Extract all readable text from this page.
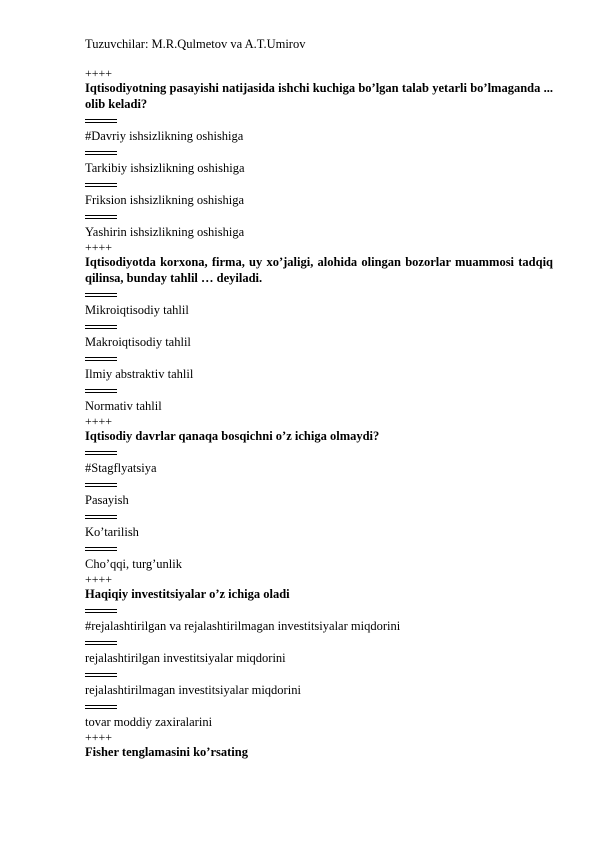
Tuzuvchilar: M.R.Qulmetov va A.T.Umirov
++++
Iqtisodiyotning pasayishi natijasida ishchi kuchiga bo’lgan talab yetarli bo’lmaganda ... olib keladi?
#Davriy ishsizlikning oshishiga
Tarkibiy ishsizlikning oshishiga
Friksion ishsizlikning oshishiga
Yashirin ishsizlikning oshishiga
++++
Iqtisodiyotda korxona, firma, uy xo’jaligi, alohida olingan bozorlar muammosi tadqiq qilinsa, bunday tahlil … deyiladi.
Mikroiqtisodiy tahlil
Makroiqtisodiy tahlil
Ilmiy abstraktiv tahlil
Normativ tahlil
++++
Iqtisodiy davrlar qanaqa bosqichni o’z ichiga olmaydi?
#Stagflyatsiya
Pasayish
Ko’tarilish
Cho’qqi, turg’unlik
++++
Haqiqiy investitsiyalar o’z ichiga oladi
#rejalashtirilgan va rejalashtirilmagan investitsiyalar miqdorini
rejalashtirilgan investitsiyalar miqdorini
rejalashtirilmagan investitsiyalar miqdorini
tovar moddiy zaxiralarini
++++
Fisher tenglamasini ko’rsating
